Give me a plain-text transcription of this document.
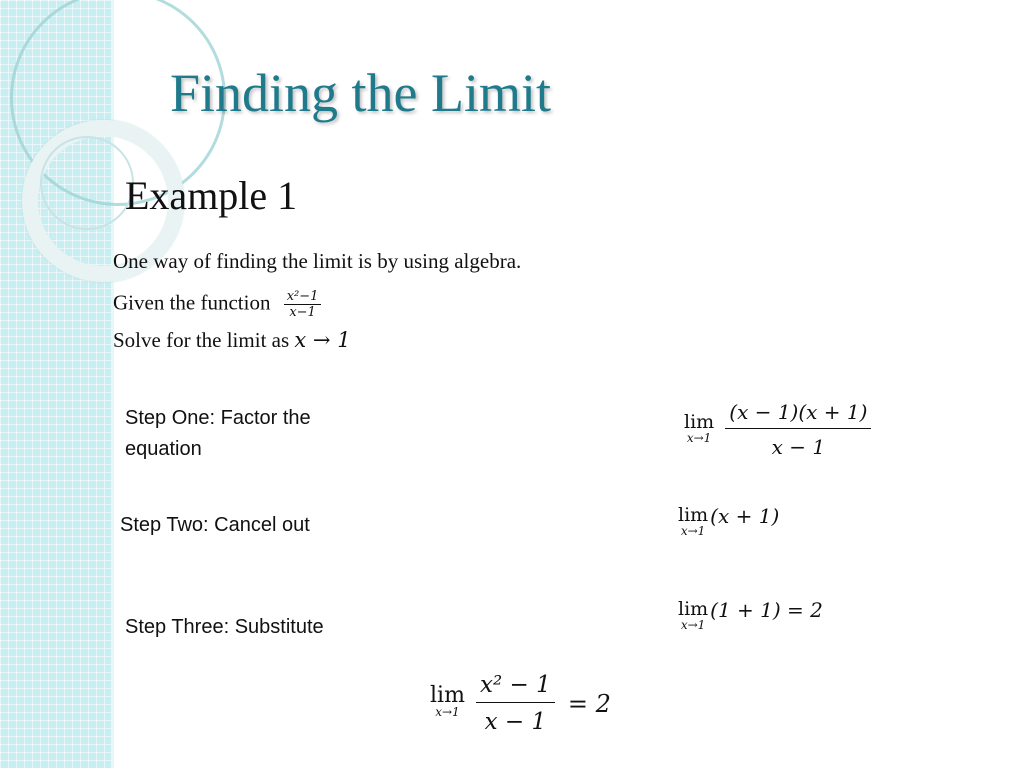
Finding the Limit
Example 1
One way of finding the limit is by using algebra.
Given the function $\frac{\text{x²−1}}{x-1}$
Solve for the limit as x → 1
Step One: Factor the equation
Step Two: Cancel out
Step Three: Substitute
lim
x→1
$\frac{(x - 1)(x + 1)}{x - 1}$
lim
x→1
(x + 1)
lim
x→1
(1 + 1) = 2
lim
x→1
$\frac{\text{x² − 1}}{x - 1} = 2$
